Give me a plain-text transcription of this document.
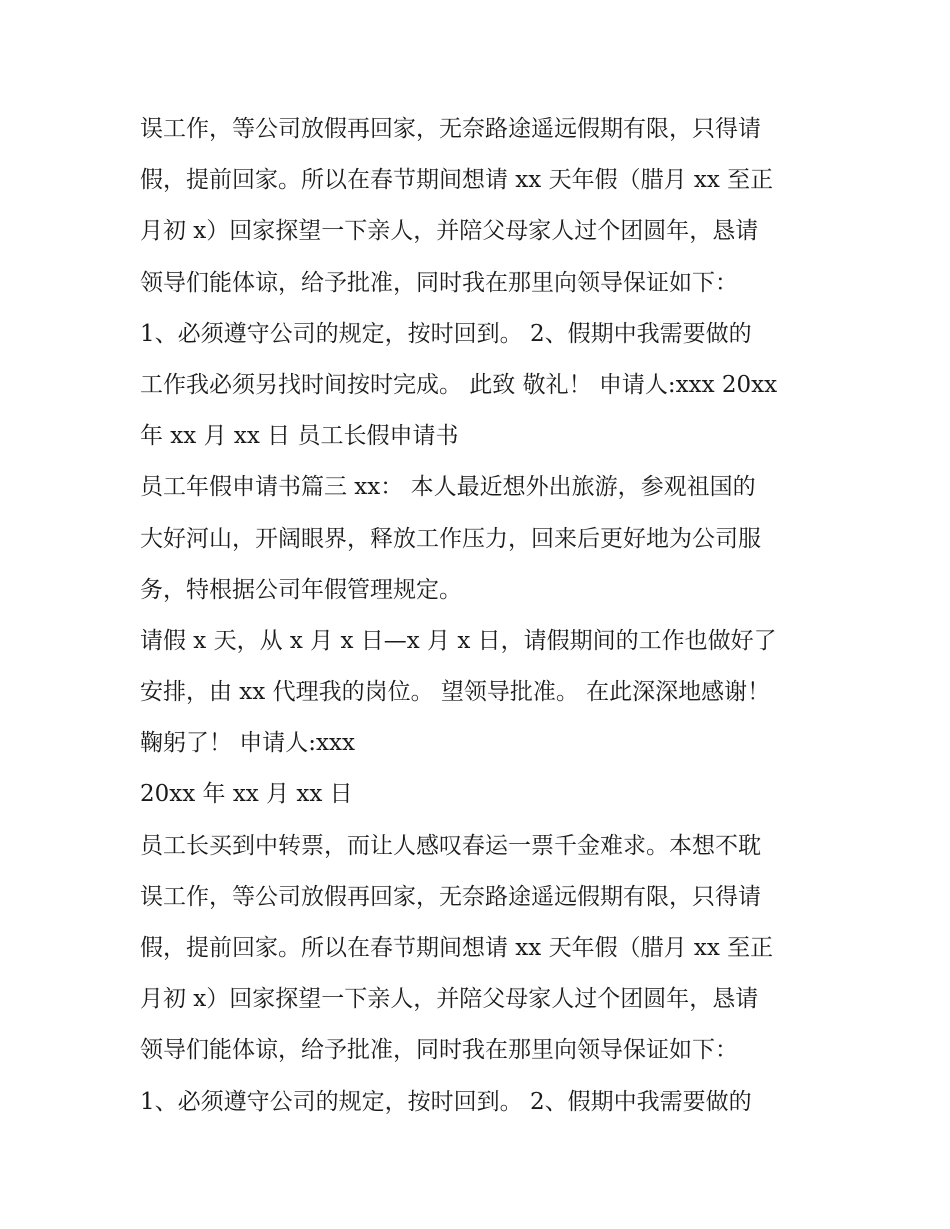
误工作，等公司放假再回家，无奈路途遥远假期有限，只得请
假，提前回家。所以在春节期间想请 xx 天年假（腊月 xx 至正
月初 x）回家探望一下亲人，并陪父母家人过个团圆年，恳请
领导们能体谅，给予批准，同时我在那里向领导保证如下：
1、必须遵守公司的规定，按时回到。 2、假期中我需要做的
工作我必须另找时间按时完成。 此致 敬礼！ 申请人:xxx 20xx
年 xx 月 xx 日 员工长假申请书
员工年假申请书篇三 xx： 本人最近想外出旅游，参观祖国的
大好河山，开阔眼界，释放工作压力，回来后更好地为公司服
务，特根据公司年假管理规定。
请假 x 天，从 x 月 x 日—x 月 x 日，请假期间的工作也做好了
安排，由 xx 代理我的岗位。 望领导批准。 在此深深地感谢！
鞠躬了！ 申请人:xxx
20xx 年 xx 月 xx 日
员工长买到中转票，而让人感叹春运一票千金难求。本想不耽
误工作，等公司放假再回家，无奈路途遥远假期有限，只得请
假，提前回家。所以在春节期间想请 xx 天年假（腊月 xx 至正
月初 x）回家探望一下亲人，并陪父母家人过个团圆年，恳请
领导们能体谅，给予批准，同时我在那里向领导保证如下：
1、必须遵守公司的规定，按时回到。 2、假期中我需要做的
